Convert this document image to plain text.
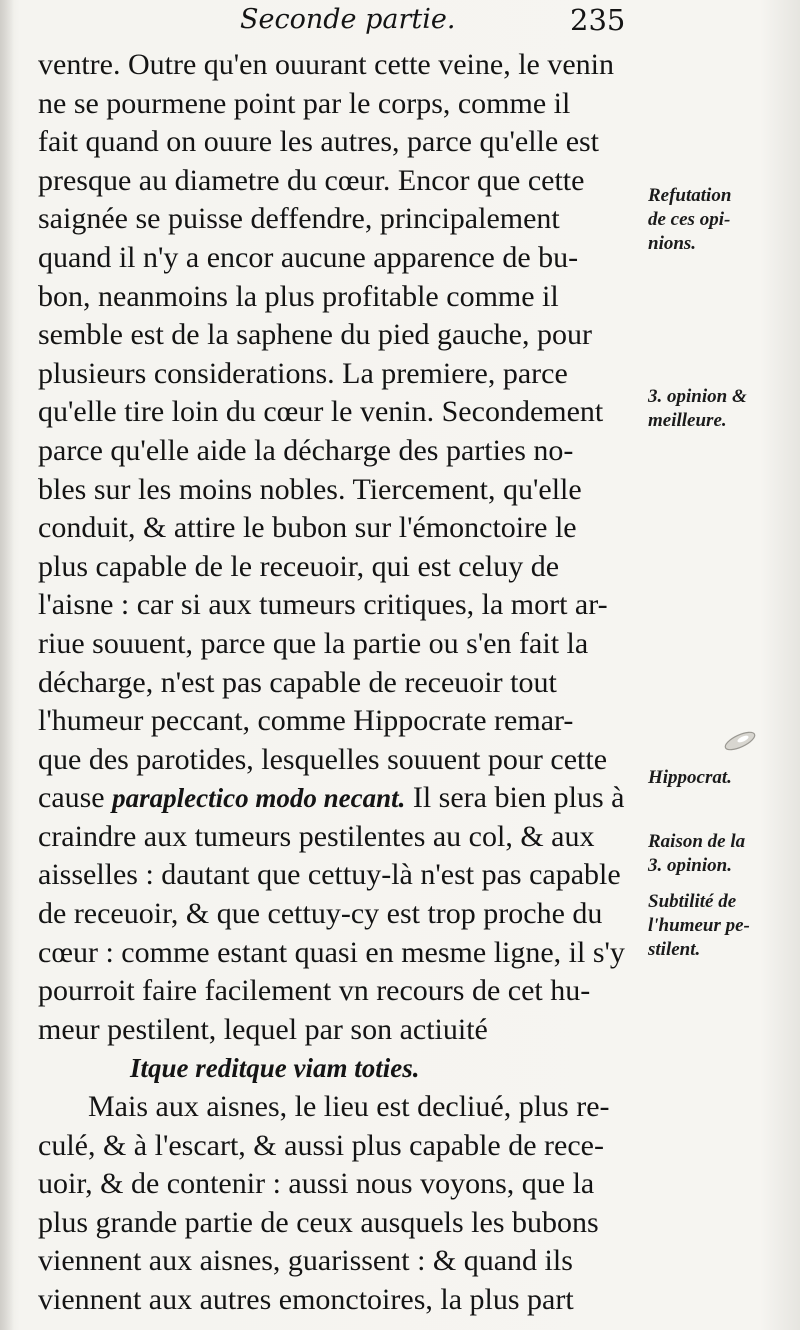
Seconde partie.	235
ventre. Outre qu'en ouurant cette veine, le venin
ne se pourmene point par le corps, comme il
fait quand on ouure les autres, parce qu'elle est
presque au diametre du cœur. Encor que cette
saignée se puisse deffendre, principalement
quand il n'y a encor aucune apparence de bu-
bon, neanmoins la plus profitable comme il
semble est de la saphene du pied gauche, pour
plusieurs considerations. La premiere, parce
qu'elle tire loin du cœur le venin. Secondement
parce qu'elle aide la décharge des parties no-
bles sur les moins nobles. Tiercement, qu'elle
conduit, & attire le bubon sur l'émonctoire le
plus capable de le receuoir, qui est celuy de
l'aisne : car si aux tumeurs critiques, la mort ar-
riue souuent, parce que la partie ou s'en fait la
décharge, n'est pas capable de receuoir tout
l'humeur peccant, comme Hippocrate remar-
que des parotides, lesquelles souuent pour cette
cause paraplectico modo necant. Il sera bien plus à
craindre aux tumeurs pestilentes au col, & aux
aisselles : dautant que cettuy-là n'est pas capable
de receuoir, & que cettuy-cy est trop proche du
cœur : comme estant quasi en mesme ligne, il s'y
pourroit faire facilement vn recours de cet hu-
meur pestilent, lequel par son actiuité
Itque reditque viam toties.
Mais aux aisnes, le lieu est decliué, plus re-
culé, & à l'escart, & aussi plus capable de rece-
uoir, & de contenir : aussi nous voyons, que la
plus grande partie de ceux ausquels les bubons
viennent aux aisnes, guarissent : & quand ils
viennent aux autres emonctoires, la plus part
Refutation
de ces opi-
nions.
3. opinion &
meilleure.
Hippocrat.
Raison de la
3. opinion.
Subtilité de
l'humeur pe-
stilent.
